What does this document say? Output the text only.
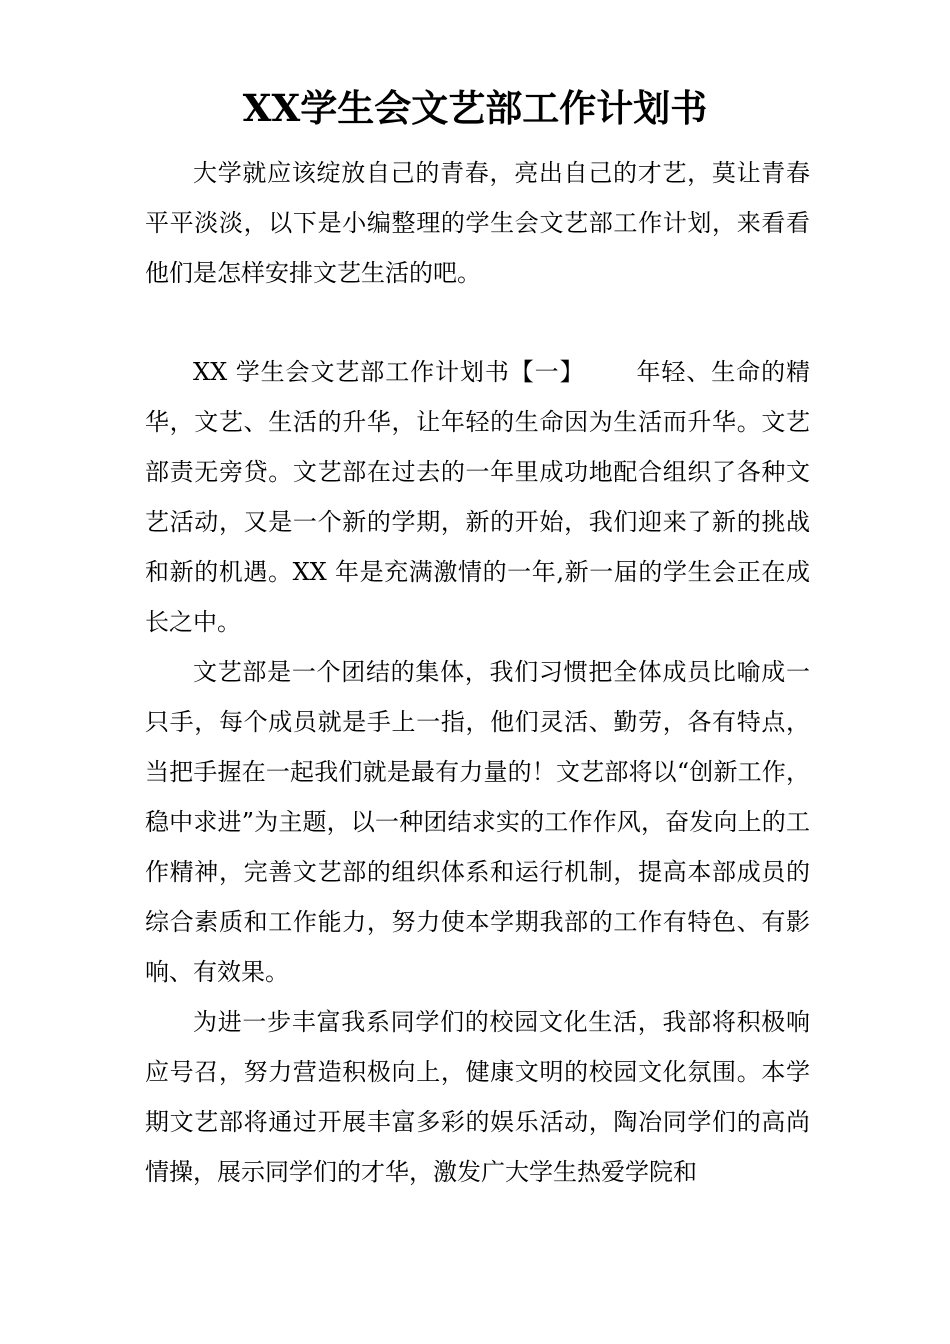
XX学生会文艺部工作计划书

大学就应该绽放自己的青春，亮出自己的才艺，莫让青春平平淡淡，以下是小编整理的学生会文艺部工作计划，来看看他们是怎样安排文艺生活的吧。

XX 学生会文艺部工作计划书【一】 年轻、生命的精华，文艺、生活的升华，让年轻的生命因为生活而升华。文艺部责无旁贷。文艺部在过去的一年里成功地配合组织了各种文艺活动，又是一个新的学期，新的开始，我们迎来了新的挑战和新的机遇。XX 年是充满激情的一年,新一届的学生会正在成长之中。

文艺部是一个团结的集体，我们习惯把全体成员比喻成一只手，每个成员就是手上一指，他们灵活、勤劳，各有特点，当把手握在一起我们就是最有力量的！文艺部将以“创新工作，稳中求进”为主题，以一种团结求实的工作作风，奋发向上的工作精神，完善文艺部的组织体系和运行机制，提高本部成员的综合素质和工作能力，努力使本学期我部的工作有特色、有影响、有效果。

为进一步丰富我系同学们的校园文化生活，我部将积极响应号召，努力营造积极向上，健康文明的校园文化氛围。本学期文艺部将通过开展丰富多彩的娱乐活动，陶冶同学们的高尚情操，展示同学们的才华，激发广大学生热爱学院和
